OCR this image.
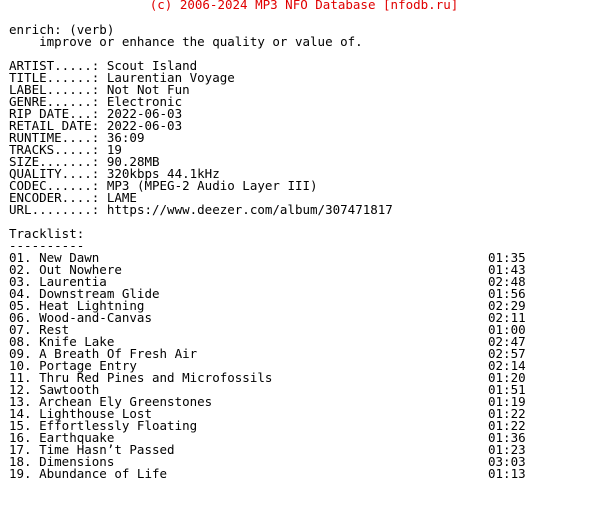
(c) 2006-2024 MP3 NFO Database [nfodb.ru]
enrich: (verb)
improve or enhance the quality or value of.
ARTIST.....: Scout Island
TITLE......: Laurentian Voyage
LABEL......: Not Not Fun
GENRE......: Electronic
RIP DATE...: 2022-06-03
RETAIL DATE: 2022-06-03
RUNTIME....: 36:09
TRACKS.....: 19
SIZE.......: 90.28MB
QUALITY....: 320kbps 44.1kHz
CODEC......: MP3 (MPEG-2 Audio Layer III)
ENCODER....: LAME
URL........: https://www.deezer.com/album/307471817
Tracklist:
----------
01. New Dawn	01:35
02. Out Nowhere	01:43
03. Laurentia	02:48
04. Downstream Glide	01:56
05. Heat Lightning	02:29
06. Wood-and-Canvas	02:11
07. Rest	01:00
08. Knife Lake	02:47
09. A Breath Of Fresh Air	02:57
10. Portage Entry	02:14
11. Thru Red Pines and Microfossils	01:20
12. Sawtooth	01:51
13. Archean Ely Greenstones	01:19
14. Lighthouse Lost	01:22
15. Effortlessly Floating	01:22
16. Earthquake	01:36
17. Time Hasn’t Passed	01:23
18. Dimensions	03:03
19. Abundance of Life	01:13
